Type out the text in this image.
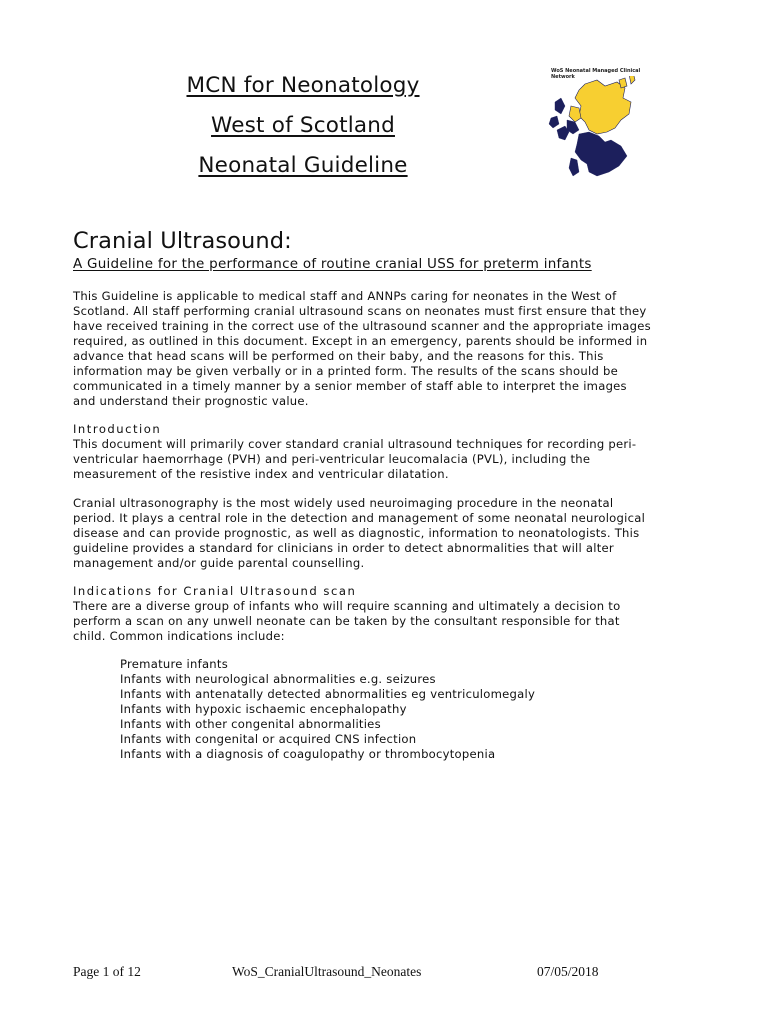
MCN for Neonatology
West of Scotland
Neonatal Guideline
WoS Neonatal Managed Clinical Network
Cranial Ultrasound:
A Guideline for the performance of routine cranial USS for preterm infants
This Guideline is applicable to medical staff and ANNPs caring for neonates in the West of
Scotland. All staff performing cranial ultrasound scans on neonates must first ensure that they
have received training in the correct use of the ultrasound scanner and the appropriate images
required, as outlined in this document. Except in an emergency, parents should be informed in
advance that head scans will be performed on their baby, and the reasons for this. This
information may be given verbally or in a printed form. The results of the scans should be
communicated in a timely manner by a senior member of staff able to interpret the images
and understand their prognostic value.
Introduction
This document will primarily cover standard cranial ultrasound techniques for recording peri-
ventricular haemorrhage (PVH) and peri-ventricular leucomalacia (PVL), including the
measurement of the resistive index and ventricular dilatation.
Cranial ultrasonography is the most widely used neuroimaging procedure in the neonatal
period. It plays a central role in the detection and management of some neonatal neurological
disease and can provide prognostic, as well as diagnostic, information to neonatologists. This
guideline provides a standard for clinicians in order to detect abnormalities that will alter
management and/or guide parental counselling.
Indications for Cranial Ultrasound scan
There are a diverse group of infants who will require scanning and ultimately a decision to
perform a scan on any unwell neonate can be taken by the consultant responsible for that
child. Common indications include:
Premature infants
Infants with neurological abnormalities e.g. seizures
Infants with antenatally detected abnormalities eg ventriculomegaly
Infants with hypoxic ischaemic encephalopathy
Infants with other congenital abnormalities
Infants with congenital or acquired CNS infection
Infants with a diagnosis of coagulopathy or thrombocytopenia
Page 1 of 12	WoS_CranialUltrasound_Neonates	07/05/2018
